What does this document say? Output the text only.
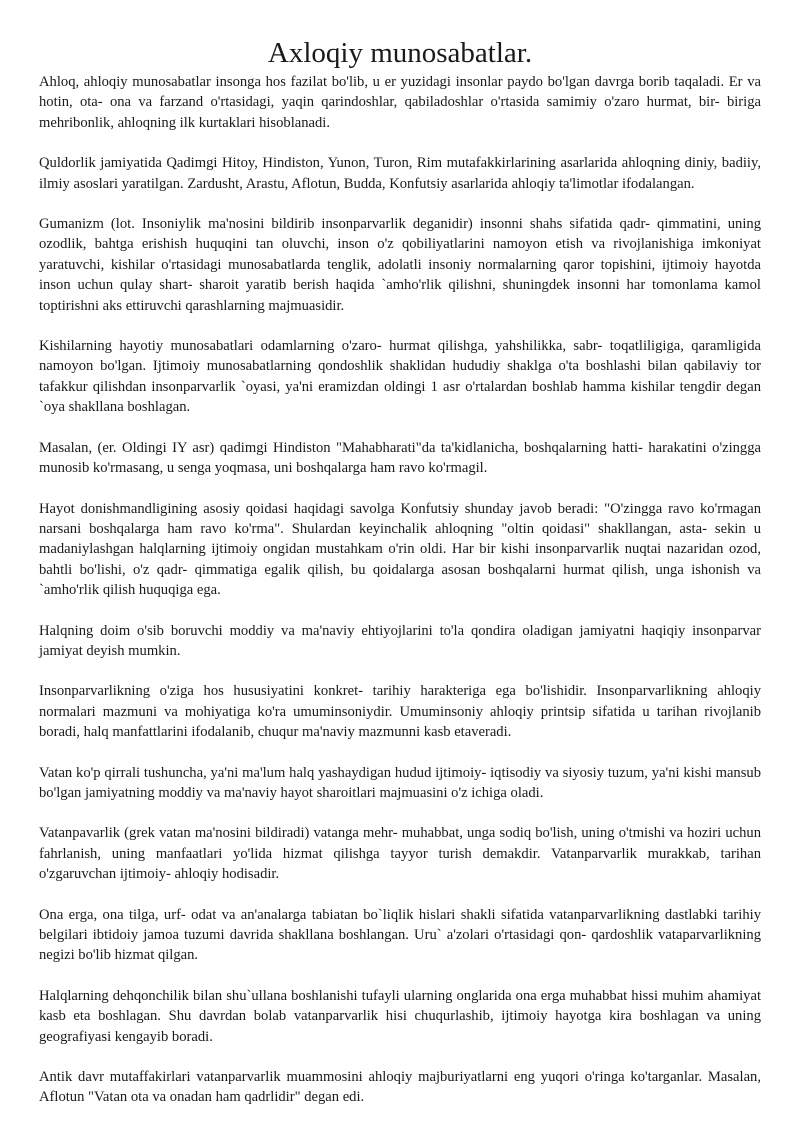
Axloqiy munosabatlar.

Ahloq, ahloqiy munosabatlar insonga hos fazilat bo'lib, u er yuzidagi insonlar paydo bo'lgan davrga borib taqaladi. Er va hotin, ota- ona va farzand o'rtasidagi, yaqin qarindoshlar, qabiladoshlar o'rtasida samimiy o'zaro hurmat, bir- biriga mehribonlik, ahloqning ilk kurtaklari hisoblanadi.

Quldorlik jamiyatida Qadimgi Hitoy, Hindiston, Yunon, Turon, Rim mutafakkirlarining asarlarida ahloqning diniy, badiiy, ilmiy asoslari yaratilgan. Zardusht, Arastu, Aflotun, Budda, Konfutsiy asarlarida ahloqiy ta'limotlar ifodalangan.

Gumanizm (lot. Insoniylik ma'nosini bildirib insonparvarlik deganidir) insonni shahs sifatida qadr- qimmatini, uning ozodlik, bahtga erishish huquqini tan oluvchi, inson o'z qobiliyatlarini namoyon etish va rivojlanishiga imkoniyat yaratuvchi, kishilar o'rtasidagi munosabatlarda tenglik, adolatli insoniy normalarning qaror topishini, ijtimoiy hayotda inson uchun qulay shart- sharoit yaratib berish haqida `amho'rlik qilishni, shuningdek insonni har tomonlama kamol toptirishni aks ettiruvchi qarashlarning majmuasidir.

Kishilarning hayotiy munosabatlari odamlarning o'zaro- hurmat qilishga, yahshilikka, sabr- toqatliligiga, qaramligida namoyon bo'lgan. Ijtimoiy munosabatlarning qondoshlik shaklidan hududiy shaklga o'ta boshlashi bilan qabilaviy tor tafakkur qilishdan insonparvarlik `oyasi, ya'ni eramizdan oldingi 1 asr o'rtalardan boshlab hamma kishilar tengdir degan `oya shakllana boshlagan.

Masalan, (er. Oldingi IY asr) qadimgi Hindiston "Mahabharati"da ta'kidlanicha, boshqalarning hatti- harakatini o'zingga munosib ko'rmasang, u senga yoqmasa, uni boshqalarga ham ravo ko'rmagil.

Hayot donishmandligining asosiy qoidasi haqidagi savolga Konfutsiy shunday javob beradi: "O'zingga ravo ko'rmagan narsani boshqalarga ham ravo ko'rma". Shulardan keyinchalik ahloqning "oltin qoidasi" shakllangan, asta- sekin u madaniylashgan halqlarning ijtimoiy ongidan mustahkam o'rin oldi. Har bir kishi insonparvarlik nuqtai nazaridan ozod, bahtli bo'lishi, o'z qadr- qimmatiga egalik qilish, bu qoidalarga asosan boshqalarni hurmat qilish, unga ishonish va `amho'rlik qilish huquqiga ega.

Halqning doim o'sib boruvchi moddiy va ma'naviy ehtiyojlarini to'la qondira oladigan jamiyatni haqiqiy insonparvar jamiyat deyish mumkin.

Insonparvarlikning o'ziga hos hususiyatini konkret- tarihiy harakteriga ega bo'lishidir. Insonparvarlikning ahloqiy normalari mazmuni va mohiyatiga ko'ra umuminsoniydir. Umuminsoniy ahloqiy printsip sifatida u tarihan rivojlanib boradi, halq manfattlarini ifodalanib, chuqur ma'naviy mazmunni kasb etaveradi.

Vatan ko'p qirrali tushuncha, ya'ni ma'lum halq yashaydigan hudud ijtimoiy- iqtisodiy va siyosiy tuzum, ya'ni kishi mansub bo'lgan jamiyatning moddiy va ma'naviy hayot sharoitlari majmuasini o'z ichiga oladi.

Vatanpavarlik (grek vatan ma'nosini bildiradi) vatanga mehr- muhabbat, unga sodiq bo'lish, uning o'tmishi va hoziri uchun fahrlanish, uning manfaatlari yo'lida hizmat qilishga tayyor turish demakdir. Vatanparvarlik murakkab, tarihan o'zgaruvchan ijtimoiy- ahloqiy hodisadir.

Ona erga, ona tilga, urf- odat va an'analarga tabiatan bo`liqlik hislari shakli sifatida vatanparvarlikning dastlabki tarihiy belgilari ibtidoiy jamoa tuzumi davrida shakllana boshlangan. Uru` a'zolari o'rtasidagi qon- qardoshlik vataparvarlikning negizi bo'lib hizmat qilgan.

Halqlarning dehqonchilik bilan shu`ullana boshlanishi tufayli ularning onglarida ona erga muhabbat hissi muhim ahamiyat kasb eta boshlagan. Shu davrdan bolab vatanparvarlik hisi chuqurlashib, ijtimoiy hayotga kira boshlagan va uning geografiyasi kengayib boradi.

Antik davr mutaffakirlari vatanparvarlik muammosini ahloqiy majburiyatlarni eng yuqori o'ringa ko'targanlar. Masalan, Aflotun "Vatan ota va onadan ham qadrlidir" degan edi.
